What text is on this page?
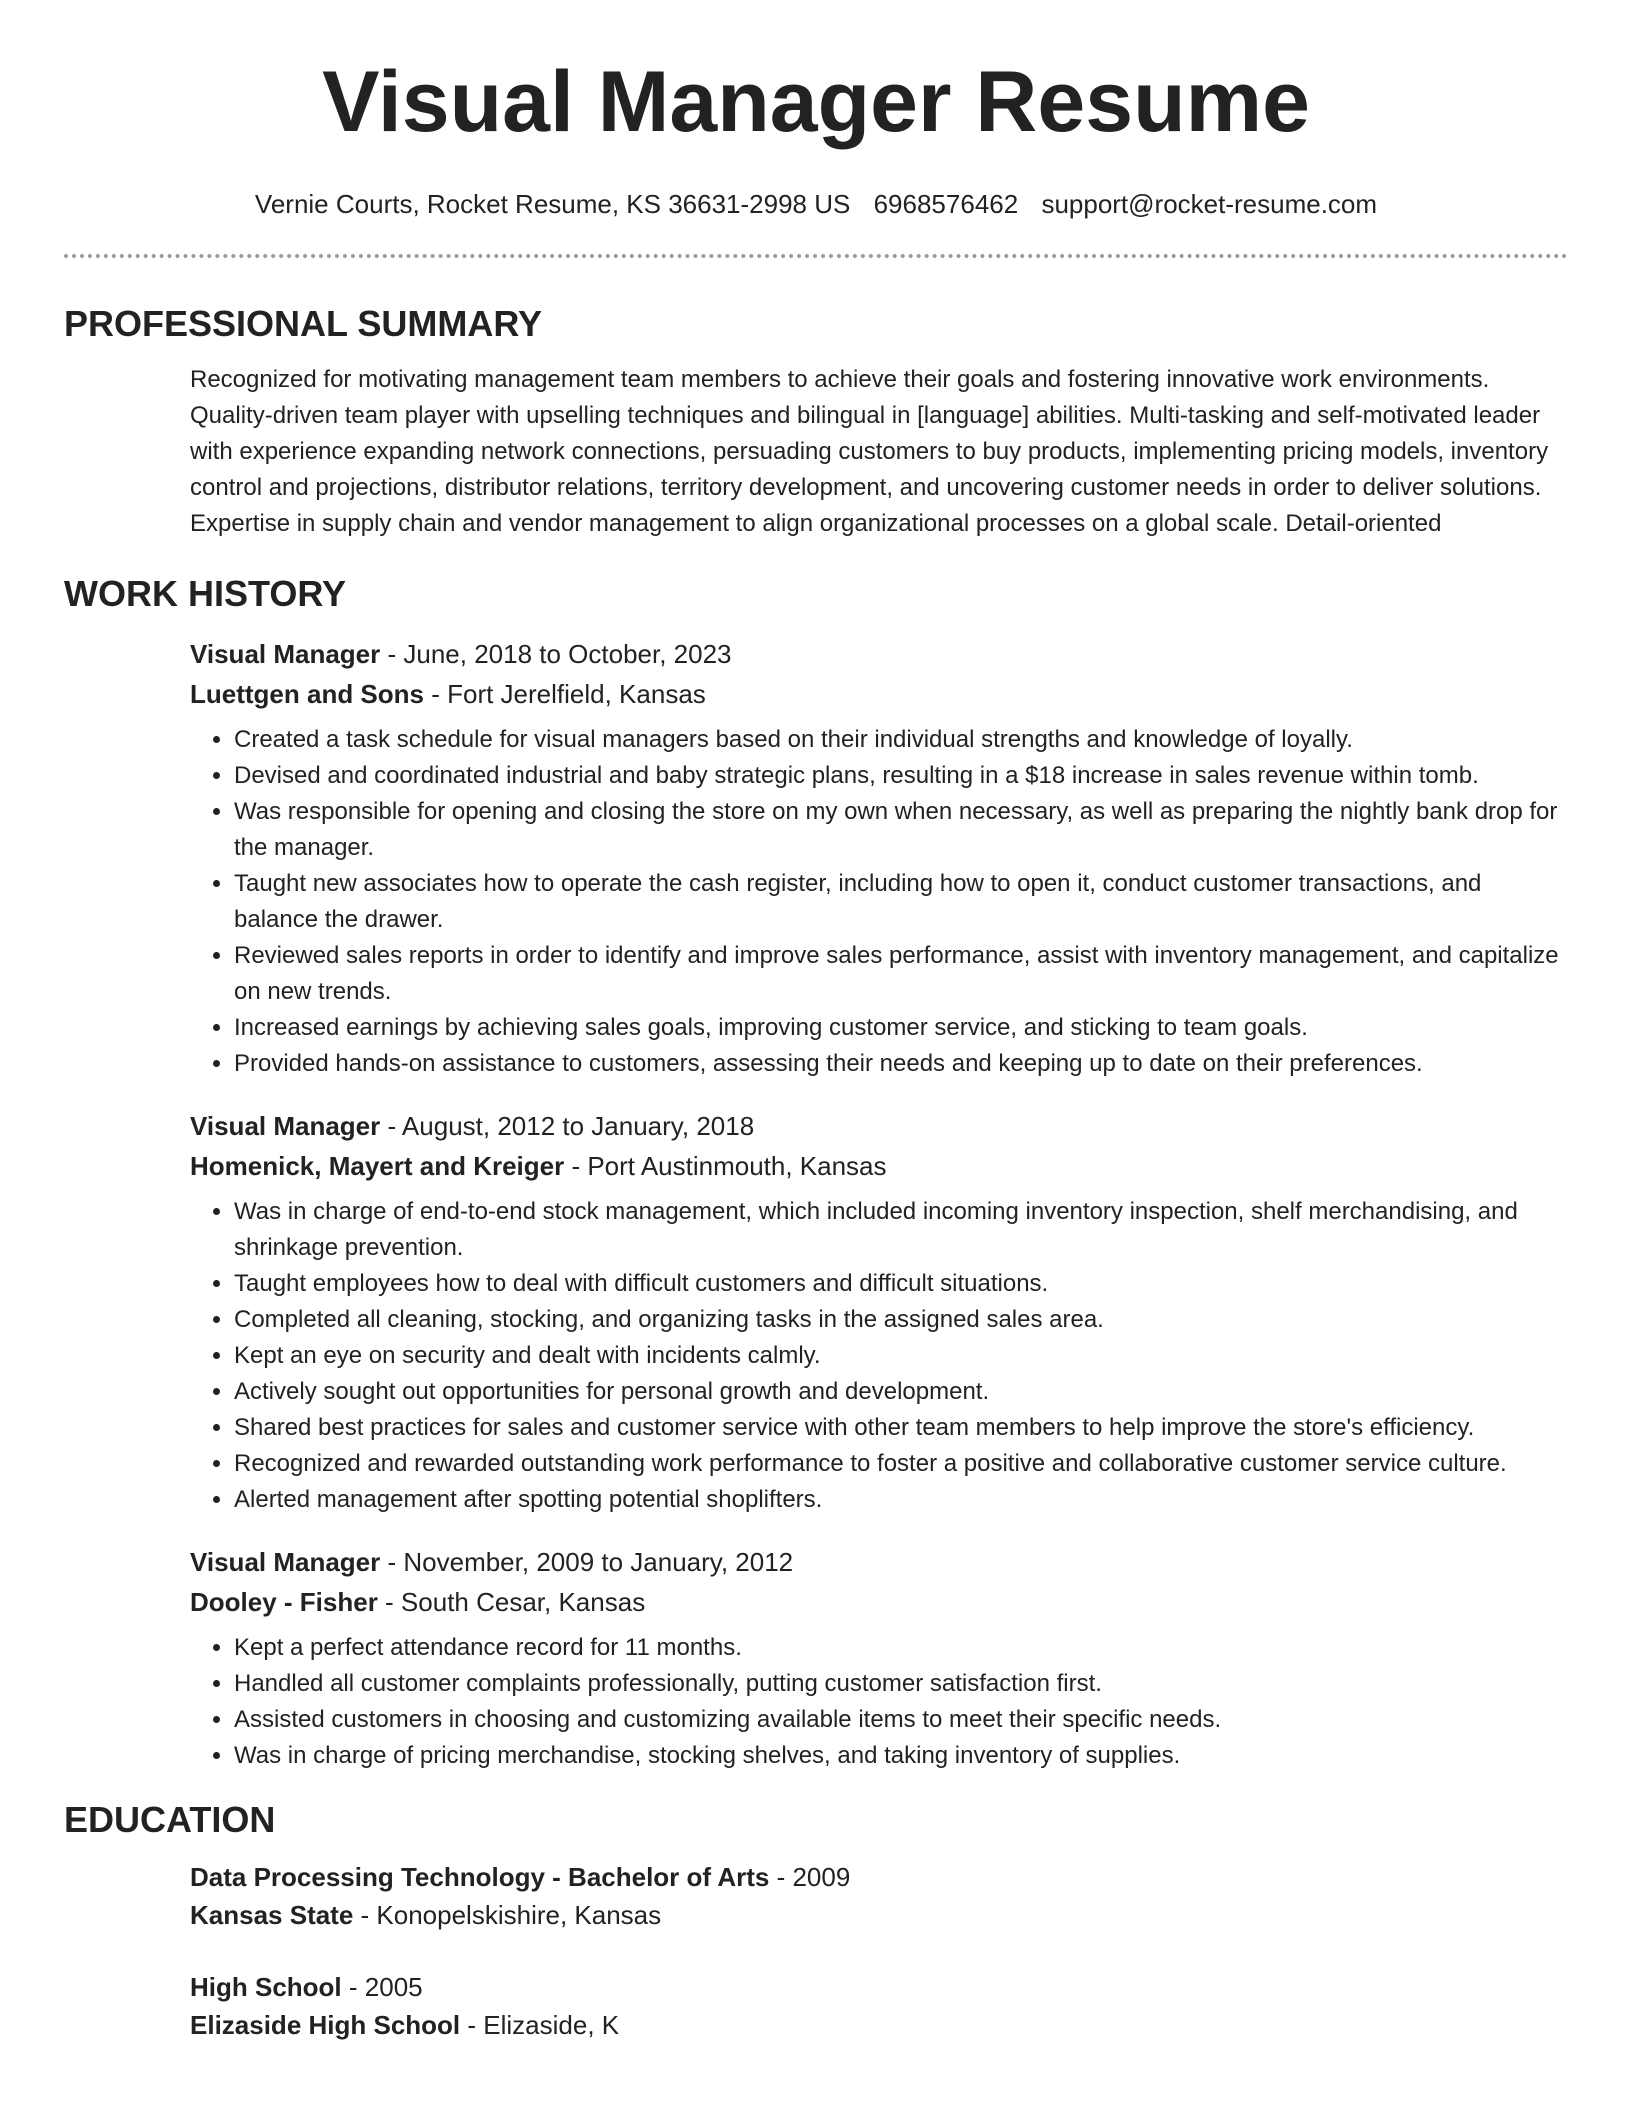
Visual Manager Resume
Vernie Courts, Rocket Resume, KS 36631-2998 US 6968576462 support@rocket-resume.com
PROFESSIONAL SUMMARY

Recognized for motivating management team members to achieve their goals and fostering innovative work environments. Quality-driven team player with upselling techniques and bilingual in [language] abilities. Multi-tasking and self-motivated leader with experience expanding network connections, persuading customers to buy products, implementing pricing models, inventory control and projections, distributor relations, territory development, and uncovering customer needs in order to deliver solutions. Expertise in supply chain and vendor management to align organizational processes on a global scale. Detail-oriented

WORK HISTORY

Visual Manager - June, 2018 to October, 2023

Luettgen and Sons - Fort Jerelfield, Kansas

• Created a task schedule for visual managers based on their individual strengths and knowledge of loyally.
• Devised and coordinated industrial and baby strategic plans, resulting in a $18 increase in sales revenue within tomb.
• Was responsible for opening and closing the store on my own when necessary, as well as preparing the nightly bank drop for the manager.
• Taught new associates how to operate the cash register, including how to open it, conduct customer transactions, and balance the drawer.
• Reviewed sales reports in order to identify and improve sales performance, assist with inventory management, and capitalize on new trends.
• Increased earnings by achieving sales goals, improving customer service, and sticking to team goals.
• Provided hands-on assistance to customers, assessing their needs and keeping up to date on their preferences.

Visual Manager - August, 2012 to January, 2018

Homenick, Mayert and Kreiger - Port Austinmouth, Kansas

• Was in charge of end-to-end stock management, which included incoming inventory inspection, shelf merchandising, and shrinkage prevention.
• Taught employees how to deal with difficult customers and difficult situations.
• Completed all cleaning, stocking, and organizing tasks in the assigned sales area.
• Kept an eye on security and dealt with incidents calmly.
• Actively sought out opportunities for personal growth and development.
• Shared best practices for sales and customer service with other team members to help improve the store's efficiency.
• Recognized and rewarded outstanding work performance to foster a positive and collaborative customer service culture.
• Alerted management after spotting potential shoplifters.

Visual Manager - November, 2009 to January, 2012

Dooley - Fisher - South Cesar, Kansas

• Kept a perfect attendance record for 11 months.
• Handled all customer complaints professionally, putting customer satisfaction first.
• Assisted customers in choosing and customizing available items to meet their specific needs.
• Was in charge of pricing merchandise, stocking shelves, and taking inventory of supplies.
EDUCATION

Data Processing Technology - Bachelor of Arts - 2009

Kansas State - Konopelskishire, Kansas

High School - 2005

Elizaside High School - Elizaside, K
